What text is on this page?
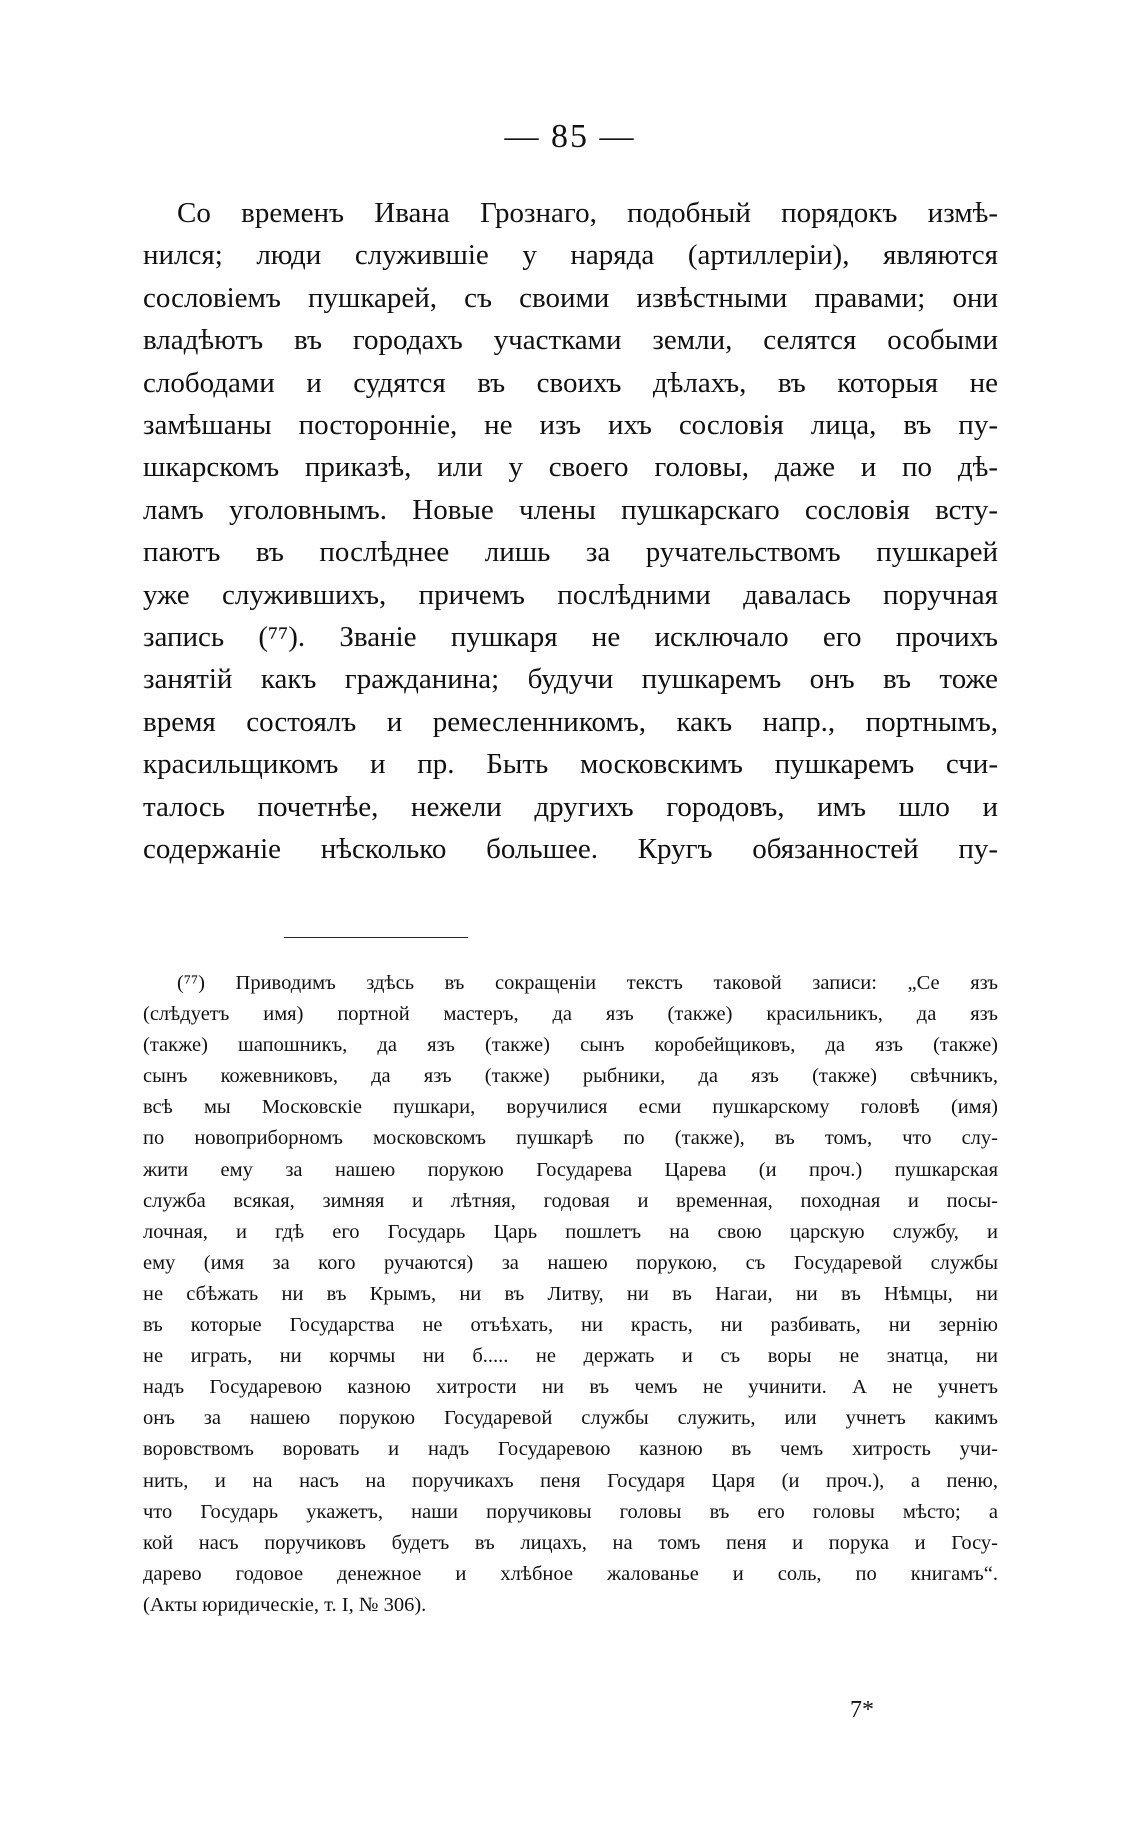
— 85 —
Со временъ Ивана Грознаго, подобный порядокъ измѣ-
нился; люди служившіе у наряда (артиллеріи), являются
сословіемъ пушкарей, съ своими извѣстными правами; они
владѣютъ въ городахъ участками земли, селятся особыми
слободами и судятся въ своихъ дѣлахъ, въ которыя не
замѣшаны посторонніе, не изъ ихъ сословія лица, въ пу-
шкарскомъ приказѣ, или у своего головы, даже и по дѣ-
ламъ уголовнымъ. Новые члены пушкарскаго сословія всту-
паютъ въ послѣднее лишь за ручательствомъ пушкарей
уже служившихъ, причемъ послѣдними давалась поручная
запись (⁷⁷). Званіе пушкаря не исключало его прочихъ
занятій какъ гражданина; будучи пушкаремъ онъ въ тоже
время состоялъ и ремесленникомъ, какъ напр., портнымъ,
красильщикомъ и пр. Быть московскимъ пушкаремъ счи-
талось почетнѣе, нежели другихъ городовъ, имъ шло и
содержаніе нѣсколько большее. Кругъ обязанностей пу-
(⁷⁷) Приводимъ здѣсь въ сокращеніи текстъ таковой записи: „Се язъ
(слѣдуетъ имя) портной мастеръ, да язъ (также) красильникъ, да язъ
(также) шапошникъ, да язъ (также) сынъ коробейщиковъ, да язъ (также)
сынъ кожевниковъ, да язъ (также) рыбники, да язъ (также) свѣчникъ,
всѣ мы Московскіе пушкари, воручилися есми пушкарскому головѣ (имя)
по новоприборномъ московскомъ пушкарѣ по (также), въ томъ, что слу-
жити ему за нашею порукою Государева Царева (и проч.) пушкарская
служба всякая, зимняя и лѣтняя, годовая и временная, походная и посы-
лочная, и гдѣ его Государь Царь пошлетъ на свою царскую службу, и
ему (имя за кого ручаются) за нашею порукою, съ Государевой службы
не сбѣжать ни въ Крымъ, ни въ Литву, ни въ Нагаи, ни въ Нѣмцы, ни
въ которые Государства не отъѣхать, ни красть, ни разбивать, ни зернію
не играть, ни корчмы ни б..... не держать и съ воры не знатца, ни
надъ Государевою казною хитрости ни въ чемъ не учинити. А не учнетъ
онъ за нашею порукою Государевой службы служить, или учнетъ какимъ
воровствомъ воровать и надъ Государевою казною въ чемъ хитрость учи-
нить, и на насъ на поручикахъ пеня Государя Царя (и проч.), а пеню,
что Государь укажетъ, наши поручиковы головы въ его головы мѣсто; а
кой насъ поручиковъ будетъ въ лицахъ, на томъ пеня и порука и Госу-
дарево годовое денежное и хлѣбное жалованье и соль, по книгамъ“.
(Акты юридическіе, т. I, № 306).
7*
